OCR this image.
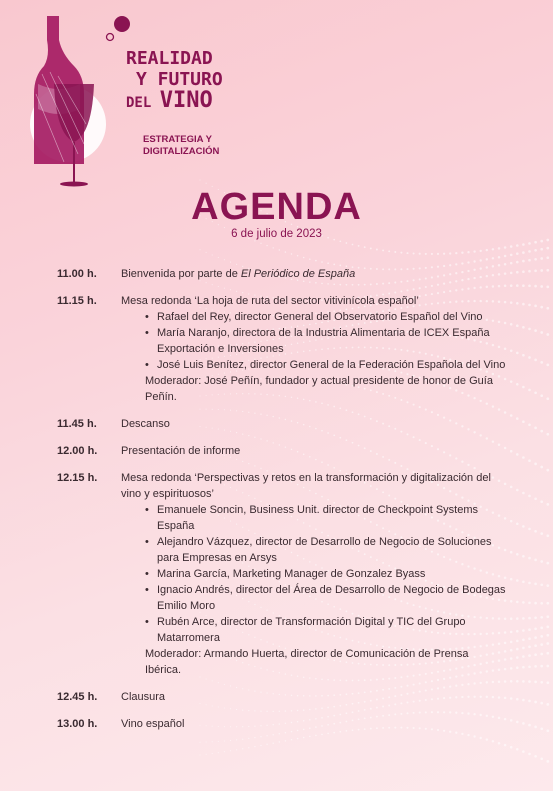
REALIDAD
Y FUTURO
DEL VINO
ESTRATEGIA Y
DIGITALIZACIÓN
AGENDA
6 de julio de 2023
11.00 h. Bienvenida por parte de El Periódico de España
11.15 h. Mesa redonda ‘La hoja de ruta del sector vitivinícola español’
• Rafael del Rey, director General del Observatorio Español del Vino
• María Naranjo, directora de la Industria Alimentaria de ICEX España Exportación e Inversiones
• José Luis Benítez, director General de la Federación Española del Vino
Moderador: José Peñín, fundador y actual presidente de honor de Guía Peñín.
11.45 h. Descanso
12.00 h. Presentación de informe
12.15 h. Mesa redonda ‘Perspectivas y retos en la transformación y digitalización del vino y espirituosos’
• Emanuele Soncin, Business Unit. director de Checkpoint Systems España
• Alejandro Vázquez, director de Desarrollo de Negocio de Soluciones para Empresas en Arsys
• Marina García, Marketing Manager de Gonzalez Byass
• Ignacio Andrés, director del Área de Desarrollo de Negocio de Bodegas Emilio Moro
• Rubén Arce, director de Transformación Digital y TIC del Grupo Matarromera
Moderador: Armando Huerta, director de Comunicación de Prensa Ibérica.
12.45 h. Clausura
13.00 h. Vino español
